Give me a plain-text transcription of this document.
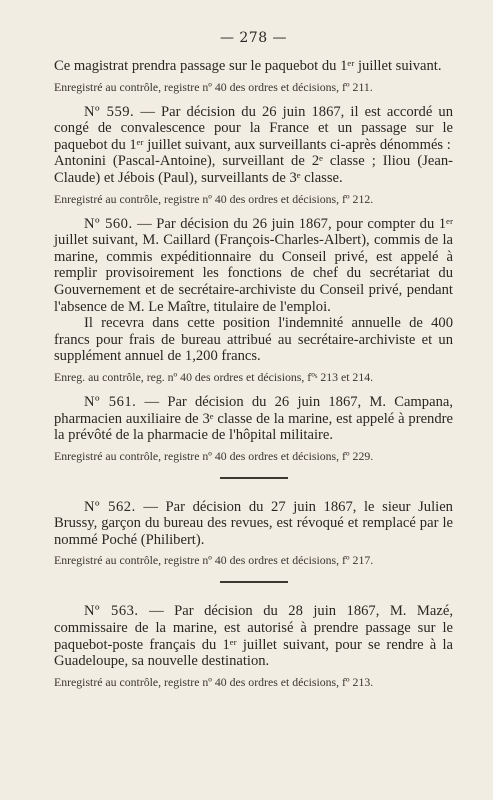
— 278 —

Ce magistrat prendra passage sur le paquebot du 1ᵉʳ juillet suivant.

Enregistré au contrôle, registre nº 40 des ordres et décisions, fº 211.

Nº 559. — Par décision du 26 juin 1867, il est accordé un congé de convalescence pour la France et un passage sur le paquebot du 1ᵉʳ juillet suivant, aux surveillants ci-après dénommés :

Antonini (Pascal-Antoine), surveillant de 2ᵉ classe ; Iliou (Jean-Claude) et Jébois (Paul), surveillants de 3ᵉ classe.

Enregistré au contrôle, registre nº 40 des ordres et décisions, fº 212.

Nº 560. — Par décision du 26 juin 1867, pour compter du 1ᵉʳ juillet suivant, M. Caillard (François-Charles-Albert), commis de la marine, commis expéditionnaire du Conseil privé, est appelé à remplir provisoirement les fonctions de chef du secrétariat du Gouvernement et de secrétaire-archiviste du Conseil privé, pendant l'absence de M. Le Maître, titulaire de l'emploi.

Il recevra dans cette position l'indemnité annuelle de 400 francs pour frais de bureau attribué au secrétaire-archiviste et un supplément annuel de 1,200 francs.

Enreg. au contrôle, reg. nº 40 des ordres et décisions, fºˢ 213 et 214.

Nº 561. — Par décision du 26 juin 1867, M. Campana, pharmacien auxiliaire de 3ᵉ classe de la marine, est appelé à prendre la prévôté de la pharmacie de l'hôpital militaire.

Enregistré au contrôle, registre nº 40 des ordres et décisions, fº 229.

Nº 562. — Par décision du 27 juin 1867, le sieur Julien Brussy, garçon du bureau des revues, est révoqué et remplacé par le nommé Poché (Philibert).

Enregistré au contrôle, registre nº 40 des ordres et décisions, fº 217.

Nº 563. — Par décision du 28 juin 1867, M. Mazé, commissaire de la marine, est autorisé à prendre passage sur le paquebot-poste français du 1ᵉʳ juillet suivant, pour se rendre à la Guadeloupe, sa nouvelle destination.

Enregistré au contrôle, registre nº 40 des ordres et décisions, fº 213.
